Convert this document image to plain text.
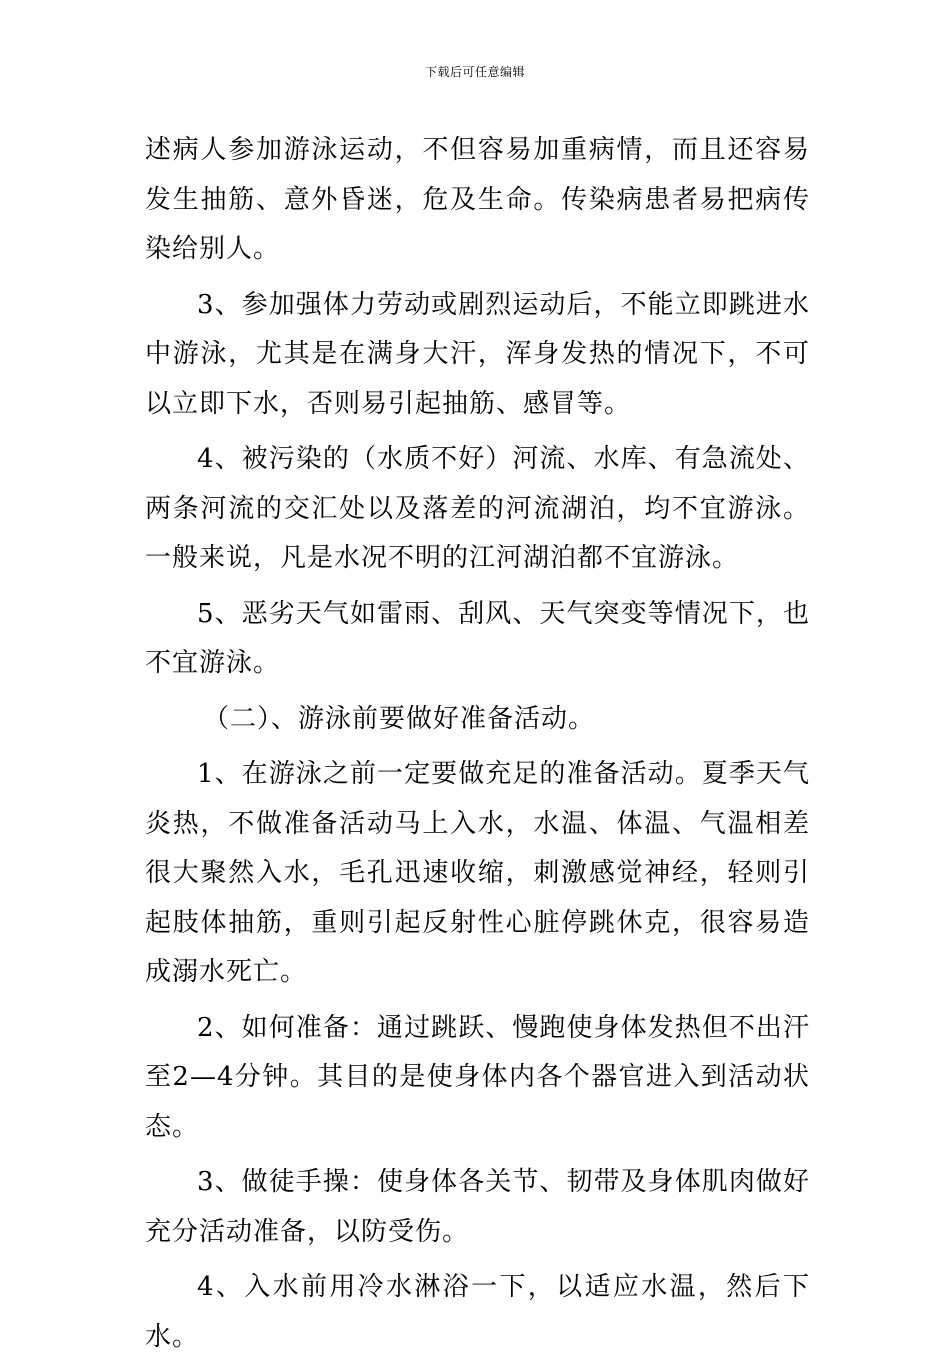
下载后可任意编辑

述病人参加游泳运动，不但容易加重病情，而且还容易发生抽筋、意外昏迷，危及生命。传染病患者易把病传染给别人。

3、参加强体力劳动或剧烈运动后，不能立即跳进水中游泳，尤其是在满身大汗，浑身发热的情况下，不可以立即下水，否则易引起抽筋、感冒等。

4、被污染的（水质不好）河流、水库、有急流处、两条河流的交汇处以及落差的河流湖泊，均不宜游泳。一般来说，凡是水况不明的江河湖泊都不宜游泳。

5、恶劣天气如雷雨、刮风、天气突变等情况下，也不宜游泳。

（二）、游泳前要做好准备活动。

1、在游泳之前一定要做充足的准备活动。夏季天气炎热，不做准备活动马上入水，水温、体温、气温相差很大聚然入水，毛孔迅速收缩，刺激感觉神经，轻则引起肢体抽筋，重则引起反射性心脏停跳休克，很容易造成溺水死亡。

2、如何准备：通过跳跃、慢跑使身体发热但不出汗至2—4分钟。其目的是使身体内各个器官进入到活动状态。

3、做徒手操：使身体各关节、韧带及身体肌肉做好充分活动准备，以防受伤。

4、入水前用冷水淋浴一下，以适应水温，然后下水。
